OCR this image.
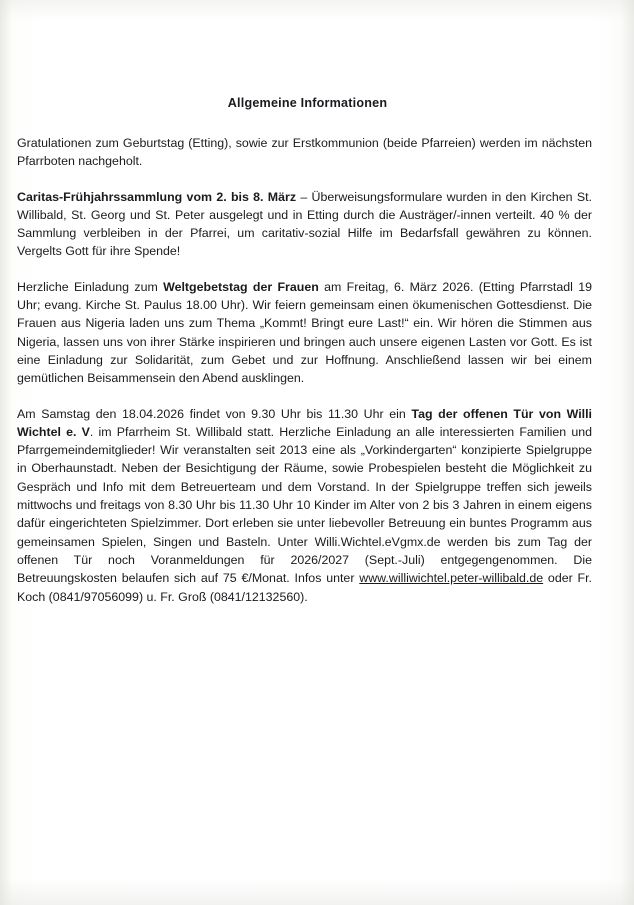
Allgemeine Informationen

Gratulationen zum Geburtstag (Etting), sowie zur Erstkommunion (beide Pfarreien) werden im nächsten Pfarrboten nachgeholt.

Caritas-Frühjahrssammlung vom 2. bis 8. März – Überweisungsformulare wurden in den Kirchen St. Willibald, St. Georg und St. Peter ausgelegt und in Etting durch die Austräger/-innen verteilt. 40 % der Sammlung verbleiben in der Pfarrei, um caritativ-sozial Hilfe im Bedarfsfall gewähren zu können. Vergelts Gott für ihre Spende!

Herzliche Einladung zum Weltgebetstag der Frauen am Freitag, 6. März 2026. (Etting Pfarrstadl 19 Uhr; evang. Kirche St. Paulus 18.00 Uhr). Wir feiern gemeinsam einen ökumenischen Gottesdienst. Die Frauen aus Nigeria laden uns zum Thema „Kommt! Bringt eure Last!“ ein. Wir hören die Stimmen aus Nigeria, lassen uns von ihrer Stärke inspirieren und bringen auch unsere eigenen Lasten vor Gott. Es ist eine Einladung zur Solidarität, zum Gebet und zur Hoffnung. Anschließend lassen wir bei einem gemütlichen Beisammensein den Abend ausklingen.

Am Samstag den 18.04.2026 findet von 9.30 Uhr bis 11.30 Uhr ein Tag der offenen Tür von Willi Wichtel e. V. im Pfarrheim St. Willibald statt. Herzliche Einladung an alle interessierten Familien und Pfarrgemeindemitglieder! Wir veranstalten seit 2013 eine als „Vorkindergarten“ konzipierte Spielgruppe in Oberhaunstadt. Neben der Besichtigung der Räume, sowie Probespielen besteht die Möglichkeit zu Gespräch und Info mit dem Betreuerteam und dem Vorstand. In der Spielgruppe treffen sich jeweils mittwochs und freitags von 8.30 Uhr bis 11.30 Uhr 10 Kinder im Alter von 2 bis 3 Jahren in einem eigens dafür eingerichteten Spielzimmer. Dort erleben sie unter liebevoller Betreuung ein buntes Programm aus gemeinsamen Spielen, Singen und Basteln. Unter Willi.Wichtel.eVgmx.de werden bis zum Tag der offenen Tür noch Voranmeldungen für 2026/2027 (Sept.-Juli) entgegengenommen. Die Betreuungskosten belaufen sich auf 75 €/Monat. Infos unter www.williwichtel.peter-willibald.de oder Fr. Koch (0841/97056099) u. Fr. Groß (0841/12132560).
